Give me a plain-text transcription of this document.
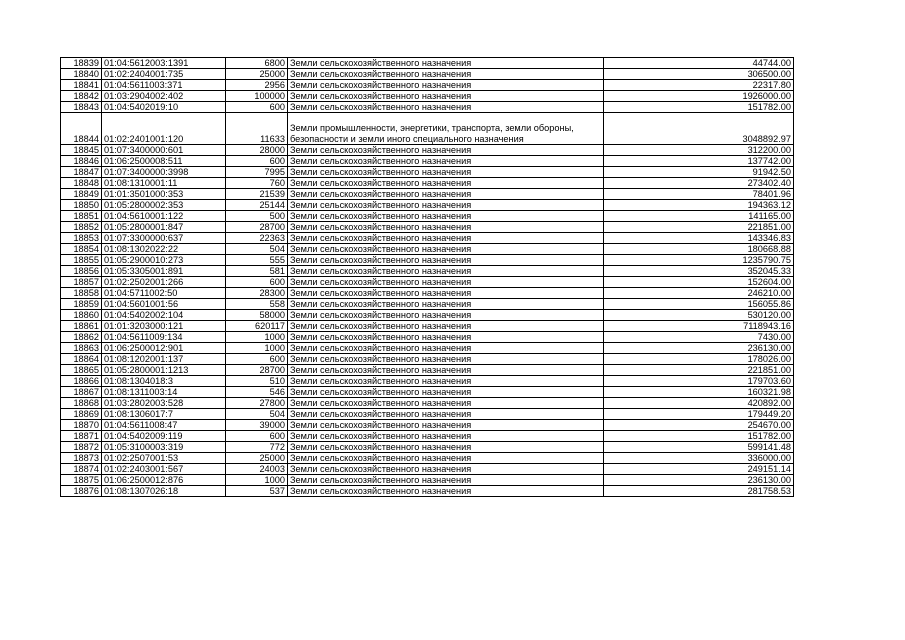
18839	01:04:5612003:1391	6800	Земли сельскохозяйственного назначения	44744.00
18840	01:02:2404001:735	25000	Земли сельскохозяйственного назначения	306500.00
18841	01:04:5611003:371	2956	Земли сельскохозяйственного назначения	22317.80
18842	01:03:2904002:402	100000	Земли сельскохозяйственного назначения	1926000.00
18843	01:04:5402019:10	600	Земли сельскохозяйственного назначения	151782.00
18844	01:02:2401001:120	11633	Земли промышленности, энергетики, транспорта, земли обороны, безопасности и земли иного специального назначения	3048892.97
18845	01:07:3400000:601	28000	Земли сельскохозяйственного назначения	312200.00
18846	01:06:2500008:511	600	Земли сельскохозяйственного назначения	137742.00
18847	01:07:3400000:3998	7995	Земли сельскохозяйственного назначения	91942.50
18848	01:08:1310001:11	760	Земли сельскохозяйственного назначения	273402.40
18849	01:01:3501000:353	21539	Земли сельскохозяйственного назначения	78401.96
18850	01:05:2800002:353	25144	Земли сельскохозяйственного назначения	194363.12
18851	01:04:5610001:122	500	Земли сельскохозяйственного назначения	141165.00
18852	01:05:2800001:847	28700	Земли сельскохозяйственного назначения	221851.00
18853	01:07:3300000:637	22363	Земли сельскохозяйственного назначения	143346.83
18854	01:08:1302022:22	504	Земли сельскохозяйственного назначения	180668.88
18855	01:05:2900010:273	555	Земли сельскохозяйственного назначения	1235790.75
18856	01:05:3305001:891	581	Земли сельскохозяйственного назначения	352045.33
18857	01:02:2502001:266	600	Земли сельскохозяйственного назначения	152604.00
18858	01:04:5711002:50	28300	Земли сельскохозяйственного назначения	246210.00
18859	01:04:5601001:56	558	Земли сельскохозяйственного назначения	156055.86
18860	01:04:5402002:104	58000	Земли сельскохозяйственного назначения	530120.00
18861	01:01:3203000:121	620117	Земли сельскохозяйственного назначения	7118943.16
18862	01:04:5611009:134	1000	Земли сельскохозяйственного назначения	7430.00
18863	01:06:2500012:901	1000	Земли сельскохозяйственного назначения	236130.00
18864	01:08:1202001:137	600	Земли сельскохозяйственного назначения	178026.00
18865	01:05:2800001:1213	28700	Земли сельскохозяйственного назначения	221851.00
18866	01:08:1304018:3	510	Земли сельскохозяйственного назначения	179703.60
18867	01:08:1311003:14	546	Земли сельскохозяйственного назначения	160321.98
18868	01:03:2802003:528	27800	Земли сельскохозяйственного назначения	420892.00
18869	01:08:1306017:7	504	Земли сельскохозяйственного назначения	179449.20
18870	01:04:5611008:47	39000	Земли сельскохозяйственного назначения	254670.00
18871	01:04:5402009:119	600	Земли сельскохозяйственного назначения	151782.00
18872	01:05:3100003:319	772	Земли сельскохозяйственного назначения	599141.48
18873	01:02:2507001:53	25000	Земли сельскохозяйственного назначения	336000.00
18874	01:02:2403001:567	24003	Земли сельскохозяйственного назначения	249151.14
18875	01:06:2500012:876	1000	Земли сельскохозяйственного назначения	236130.00
18876	01:08:1307026:18	537	Земли сельскохозяйственного назначения	281758.53
